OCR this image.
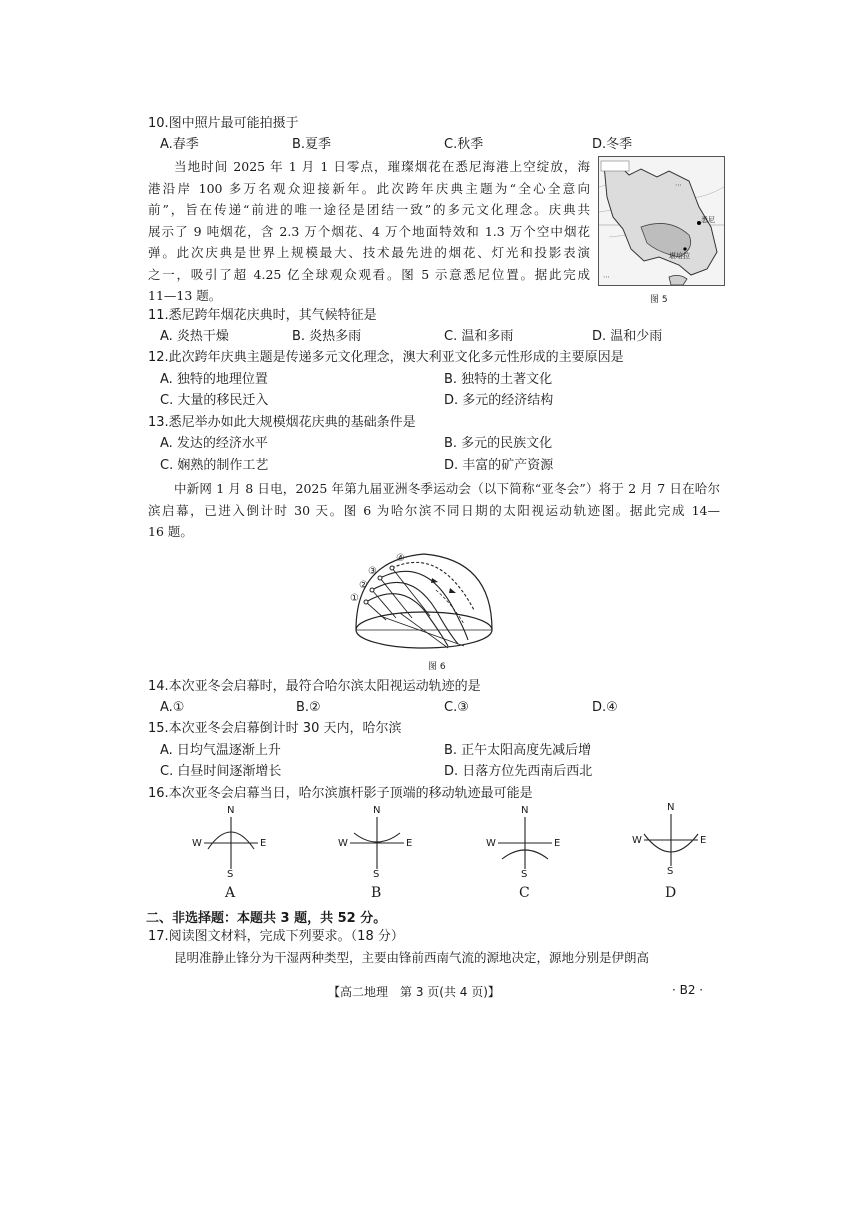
10.图中照片最可能拍摄于
A.春季	B.夏季	C.秋季	D.冬季
当地时间 2025 年 1 月 1 日零点，璀璨烟花在悉尼海港上空绽放，海
港沿岸 100 多万名观众迎接新年。此次跨年庆典主题为“全心全意向
前”，旨在传递“前进的唯一途径是团结一致”的多元文化理念。庆典共
展示了 9 吨烟花，含 2.3 万个烟花、4 万个地面特效和 1.3 万个空中烟花
弹。此次庆典是世界上规模最大、技术最先进的烟花、灯光和投影表演
之一，吸引了超 4.25 亿全球观众观看。图 5 示意悉尼位置。据此完成
11—13 题。
⋯
⋯
悉尼
堪培拉
图 5
11.悉尼跨年烟花庆典时，其气候特征是
A. 炎热干燥	B. 炎热多雨	C. 温和多雨	D. 温和少雨
12.此次跨年庆典主题是传递多元文化理念，澳大利亚文化多元性形成的主要原因是
A. 独特的地理位置	B. 独特的土著文化
C. 大量的移民迁入	D. 多元的经济结构
13.悉尼举办如此大规模烟花庆典的基础条件是
A. 发达的经济水平	B. 多元的民族文化
C. 娴熟的制作工艺	D. 丰富的矿产资源
中新网 1 月 8 日电，2025 年第九届亚洲冬季运动会（以下简称“亚冬会”）将于 2 月 7 日在哈尔
滨启幕，已进入倒计时 30 天。图 6 为哈尔滨不同日期的太阳视运动轨迹图。据此完成 14—
16 题。
①
②
③
④
图 6
14.本次亚冬会启幕时，最符合哈尔滨太阳视运动轨迹的是
A.①	B.②	C.③	D.④
15.本次亚冬会启幕倒计时 30 天内，哈尔滨
A. 日均气温逐渐上升	B. 正午太阳高度先减后增
C. 白昼时间逐渐增长	D. 日落方位先西南后西北
16.本次亚冬会启幕当日，哈尔滨旗杆影子顶端的移动轨迹最可能是
N
S
W	E
A
N
S
W	E
B
N
S
W	E
C
N
S
W	E
D
二、非选择题：本题共 3 题，共 52 分。
17.阅读图文材料，完成下列要求。（18 分）
昆明准静止锋分为干湿两种类型，主要由锋前西南气流的源地决定，源地分别是伊朗高
【高二地理　第 3 页(共 4 页)】	· B2 ·
